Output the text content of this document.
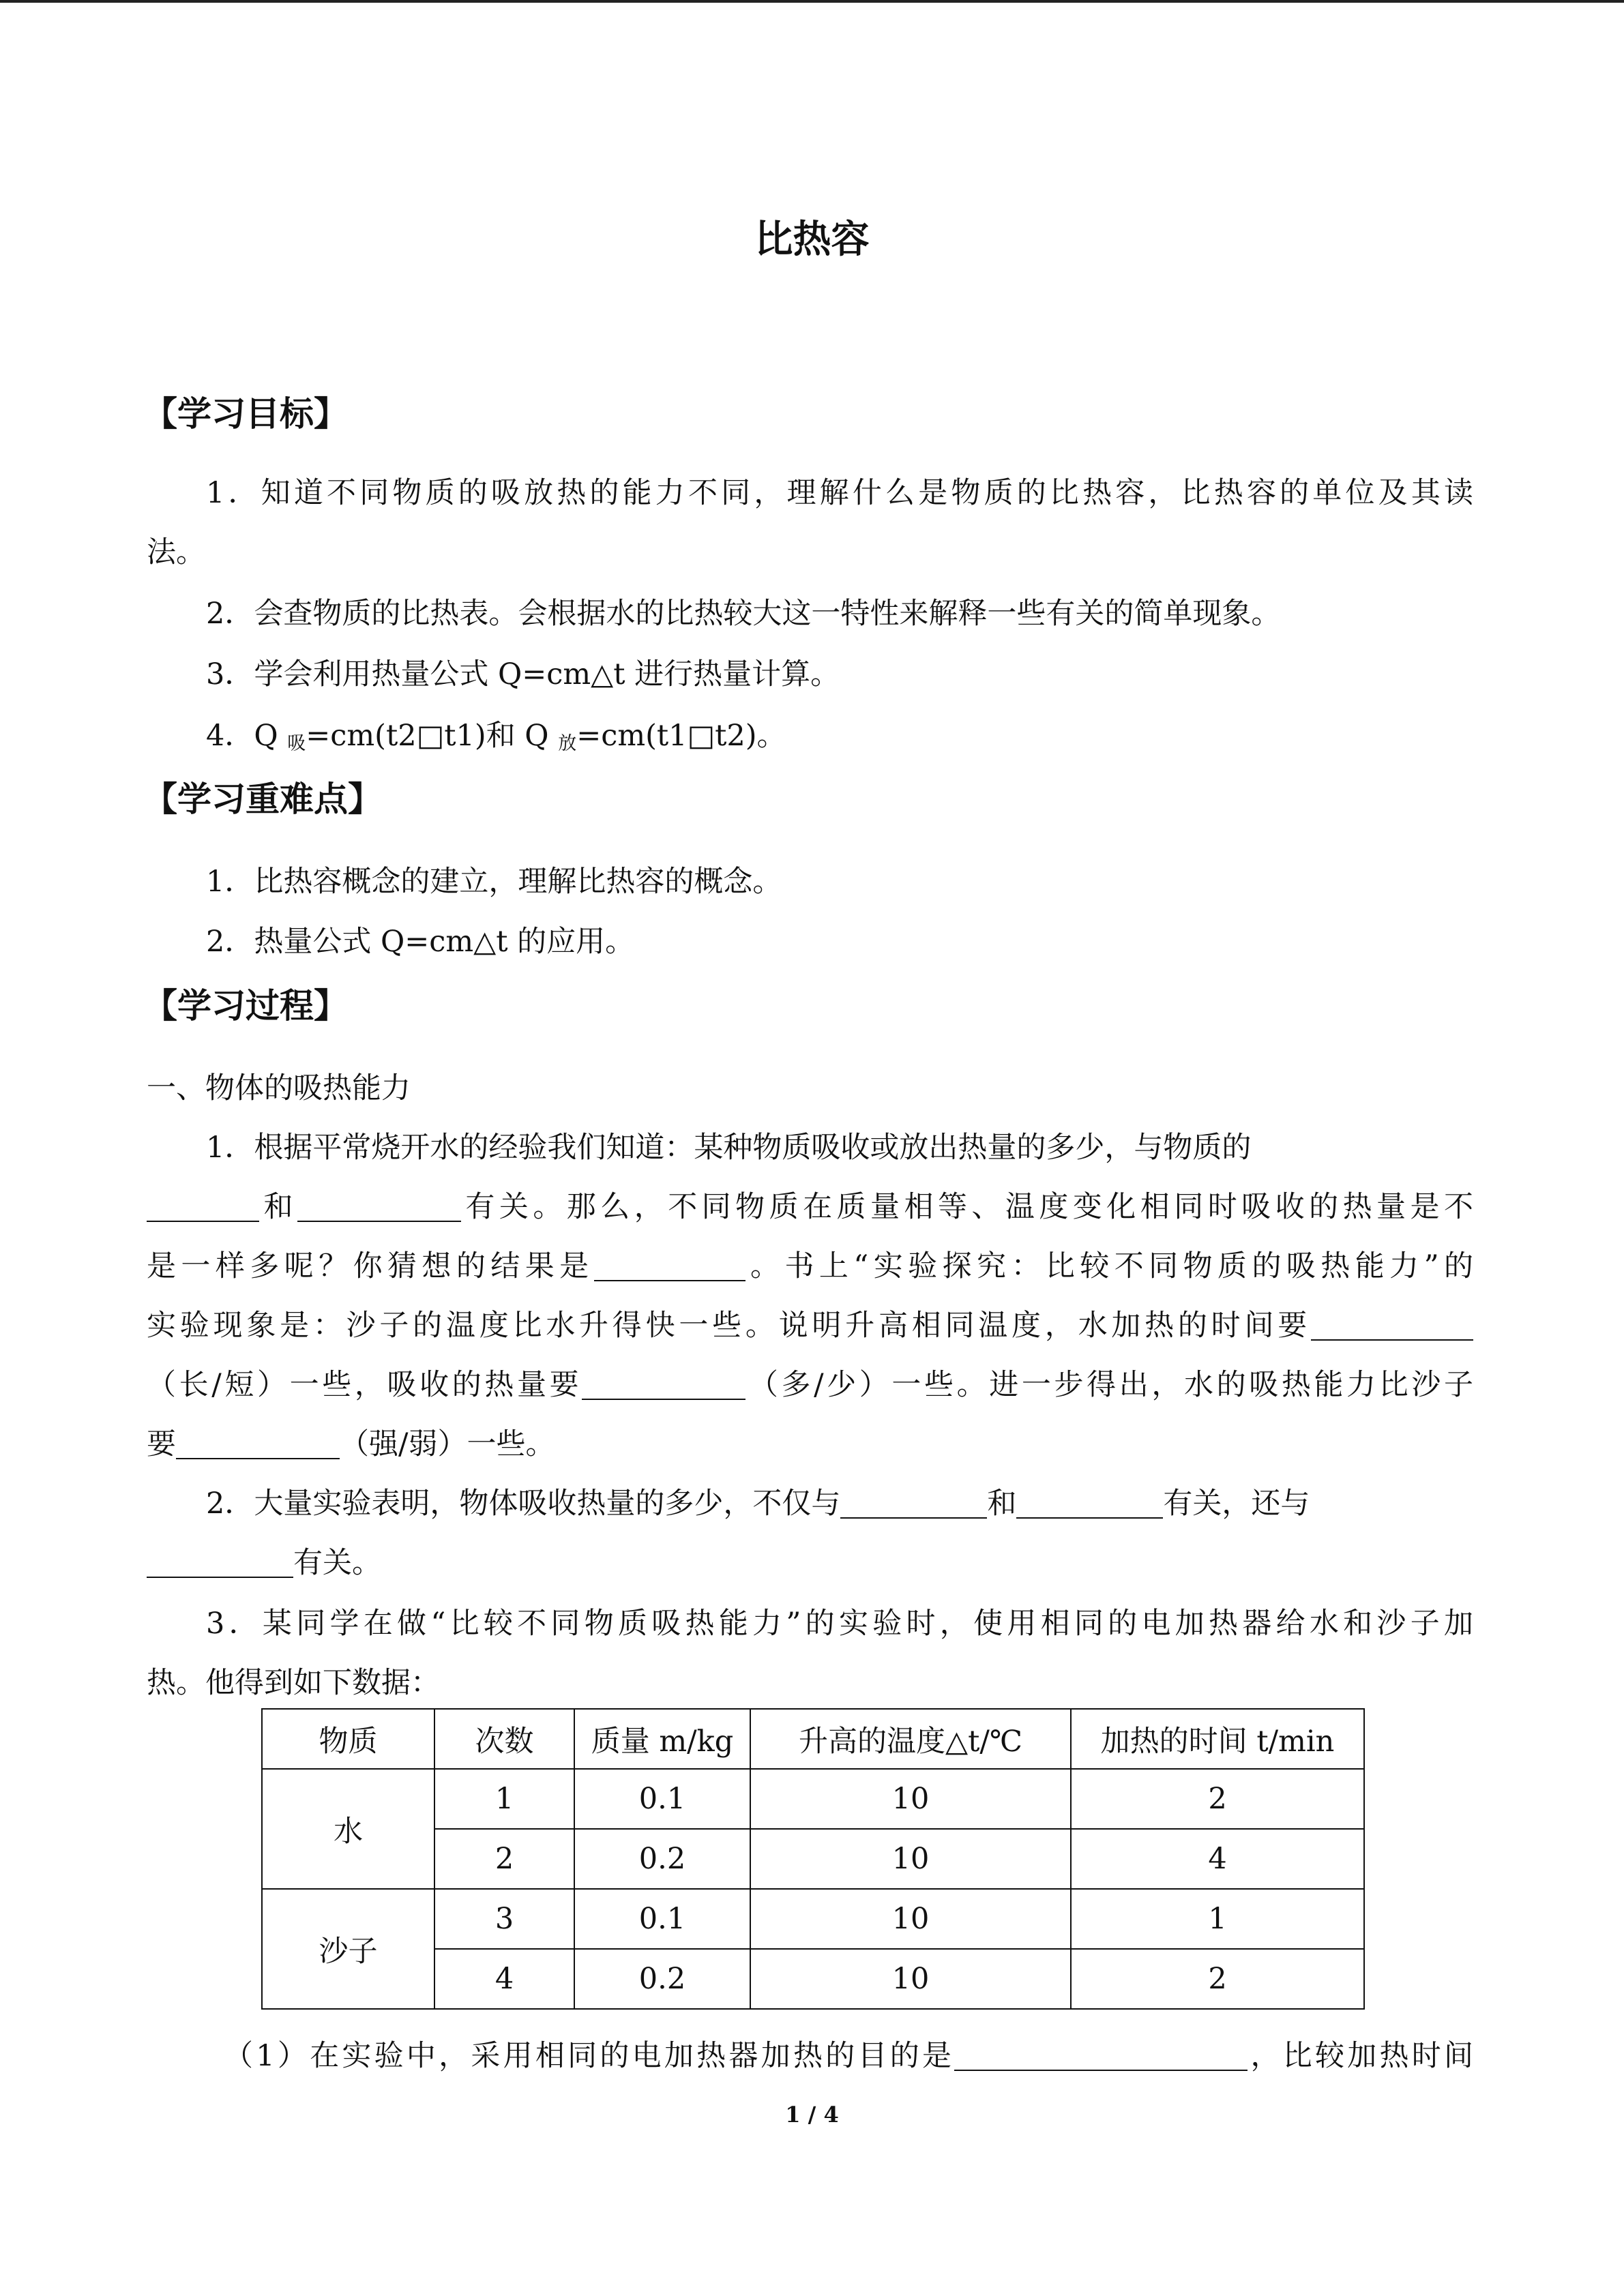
比热容
【学习目标】
1．知道不同物质的吸放热的能力不同，理解什么是物质的比热容，比热容的单位及其读
法。
2．会查物质的比热表。会根据水的比热较大这一特性来解释一些有关的简单现象。
3．学会利用热量公式 Q=cm△t 进行热量计算。
4．Q $_吸$=cm(t2□t1)和 Q $_放$=cm(t1□t2)。
【学习重难点】
1．比热容概念的建立，理解比热容的概念。
2．热量公式 Q=cm△t 的应用。
【学习过程】
一、物体的吸热能力
1．根据平常烧开水的经验我们知道：某种物质吸收或放出热量的多少，与物质的
和	有关。那么，不同物质在质量相等、温度变化相同时吸收的热量是不
是一样多呢？你猜想的结果是	。书上“实验探究：比较不同物质的吸热能力”的
实验现象是：沙子的温度比水升得快一些。说明升高相同温度，水加热的时间要
（长/短）一些，吸收的热量要	（多/少）一些。进一步得出，水的吸热能力比沙子
要	（强/弱）一些。
2．大量实验表明，物体吸收热量的多少，不仅与	和	有关，还与
有关。
3．某同学在做“比较不同物质吸热能力”的实验时，使用相同的电加热器给水和沙子加
热。他得到如下数据：
物质	次数	质量 m/kg	升高的温度△t/℃	加热的时间 t/min
水	1	0.1	10	2
	2	0.2	10	4
沙子	3	0.1	10	1
	4	0.2	10	2
（1）在实验中，采用相同的电加热器加热的目的是	，比较加热时间
1 / 4
